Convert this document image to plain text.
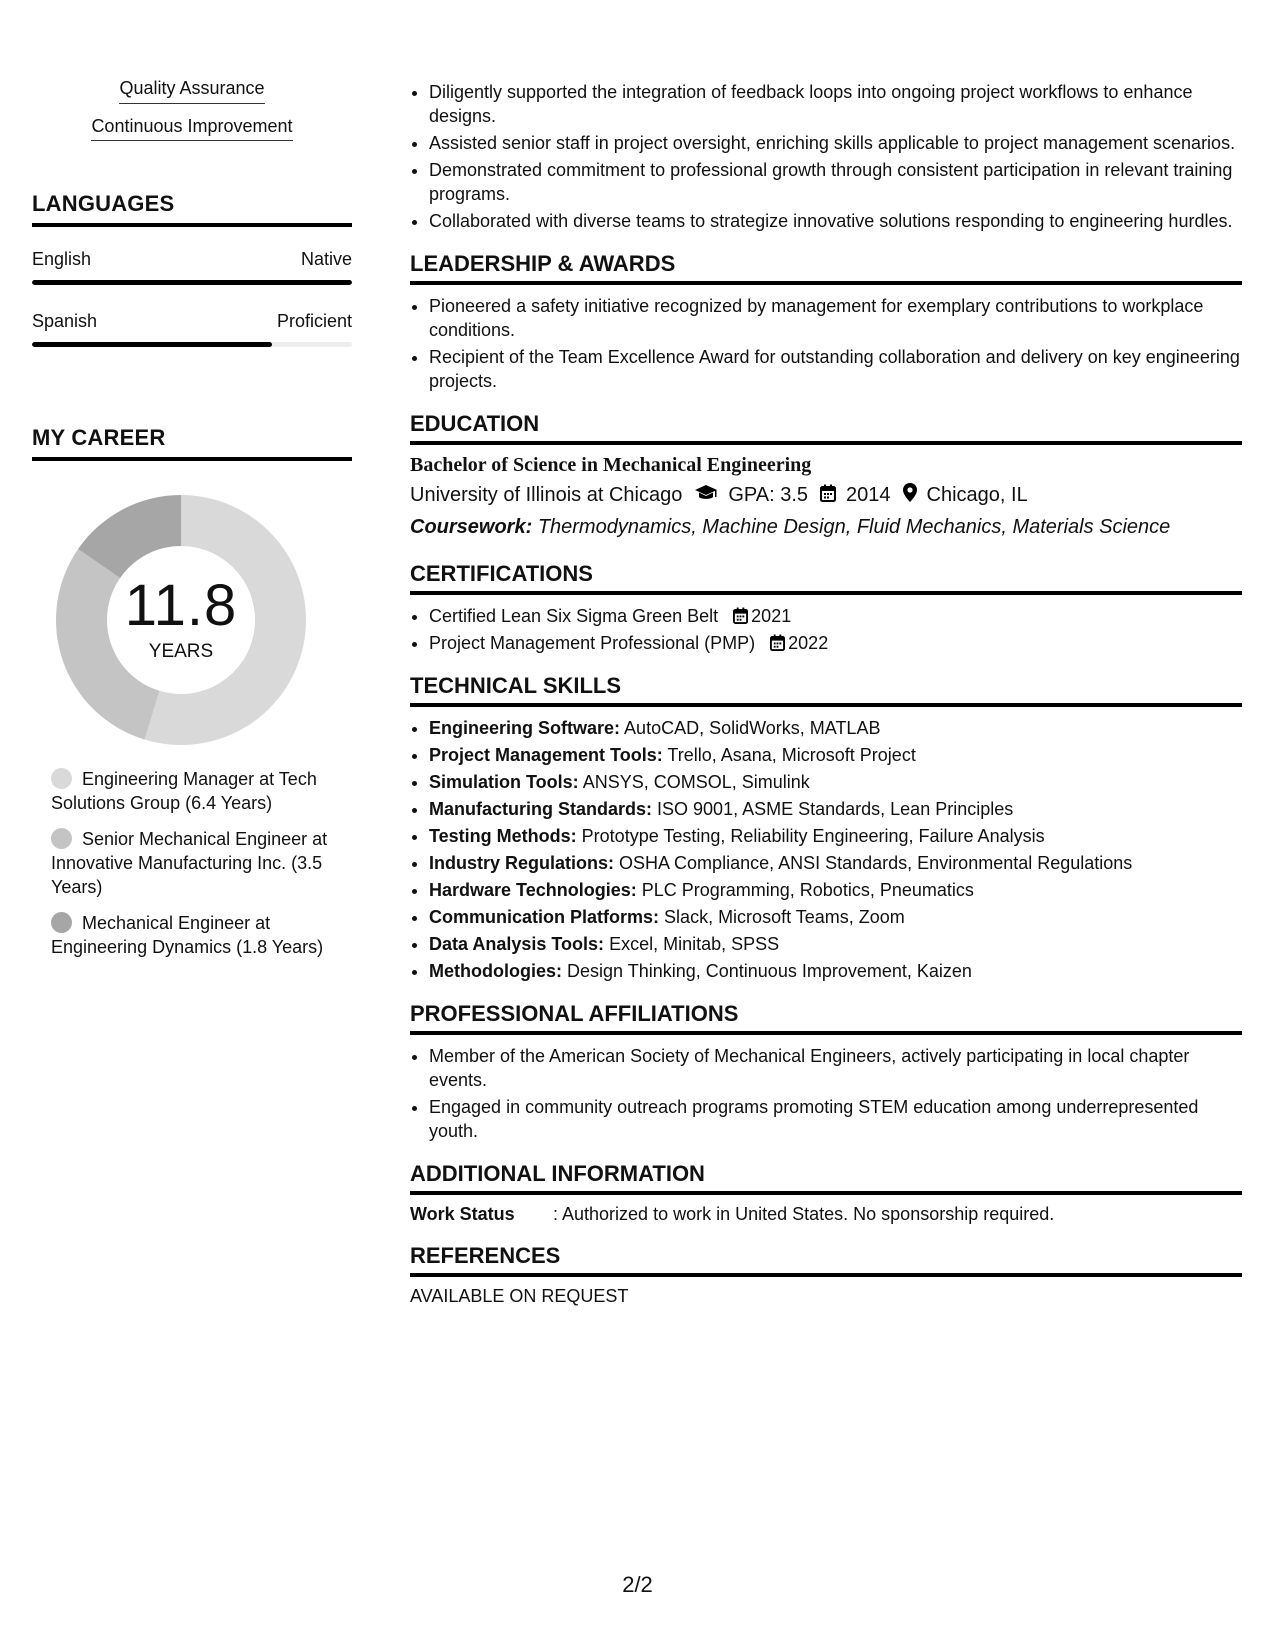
Quality Assurance
Continuous Improvement
LANGUAGES
English	Native
Spanish	Proficient
MY CAREER
11.8
YEARS
Engineering Manager at Tech Solutions Group (6.4 Years)
Senior Mechanical Engineer at Innovative Manufacturing Inc. (3.5 Years)
Mechanical Engineer at Engineering Dynamics (1.8 Years)
• Diligently supported the integration of feedback loops into ongoing project workflows to enhance designs.
• Assisted senior staff in project oversight, enriching skills applicable to project management scenarios.
• Demonstrated commitment to professional growth through consistent participation in relevant training programs.
• Collaborated with diverse teams to strategize innovative solutions responding to engineering hurdles.
LEADERSHIP & AWARDS
• Pioneered a safety initiative recognized by management for exemplary contributions to workplace conditions.
• Recipient of the Team Excellence Award for outstanding collaboration and delivery on key engineering projects.
EDUCATION
Bachelor of Science in Mechanical Engineering
University of Illinois at Chicago GPA: 3.5 2014 Chicago, IL
Coursework: Thermodynamics, Machine Design, Fluid Mechanics, Materials Science
CERTIFICATIONS
• Certified Lean Six Sigma Green Belt 2021
• Project Management Professional (PMP) 2022
TECHNICAL SKILLS
• Engineering Software: AutoCAD, SolidWorks, MATLAB
• Project Management Tools: Trello, Asana, Microsoft Project
• Simulation Tools: ANSYS, COMSOL, Simulink
• Manufacturing Standards: ISO 9001, ASME Standards, Lean Principles
• Testing Methods: Prototype Testing, Reliability Engineering, Failure Analysis
• Industry Regulations: OSHA Compliance, ANSI Standards, Environmental Regulations
• Hardware Technologies: PLC Programming, Robotics, Pneumatics
• Communication Platforms: Slack, Microsoft Teams, Zoom
• Data Analysis Tools: Excel, Minitab, SPSS
• Methodologies: Design Thinking, Continuous Improvement, Kaizen
PROFESSIONAL AFFILIATIONS
• Member of the American Society of Mechanical Engineers, actively participating in local chapter events.
• Engaged in community outreach programs promoting STEM education among underrepresented youth.
ADDITIONAL INFORMATION
Work Status	: Authorized to work in United States. No sponsorship required.
REFERENCES
AVAILABLE ON REQUEST
2/2
